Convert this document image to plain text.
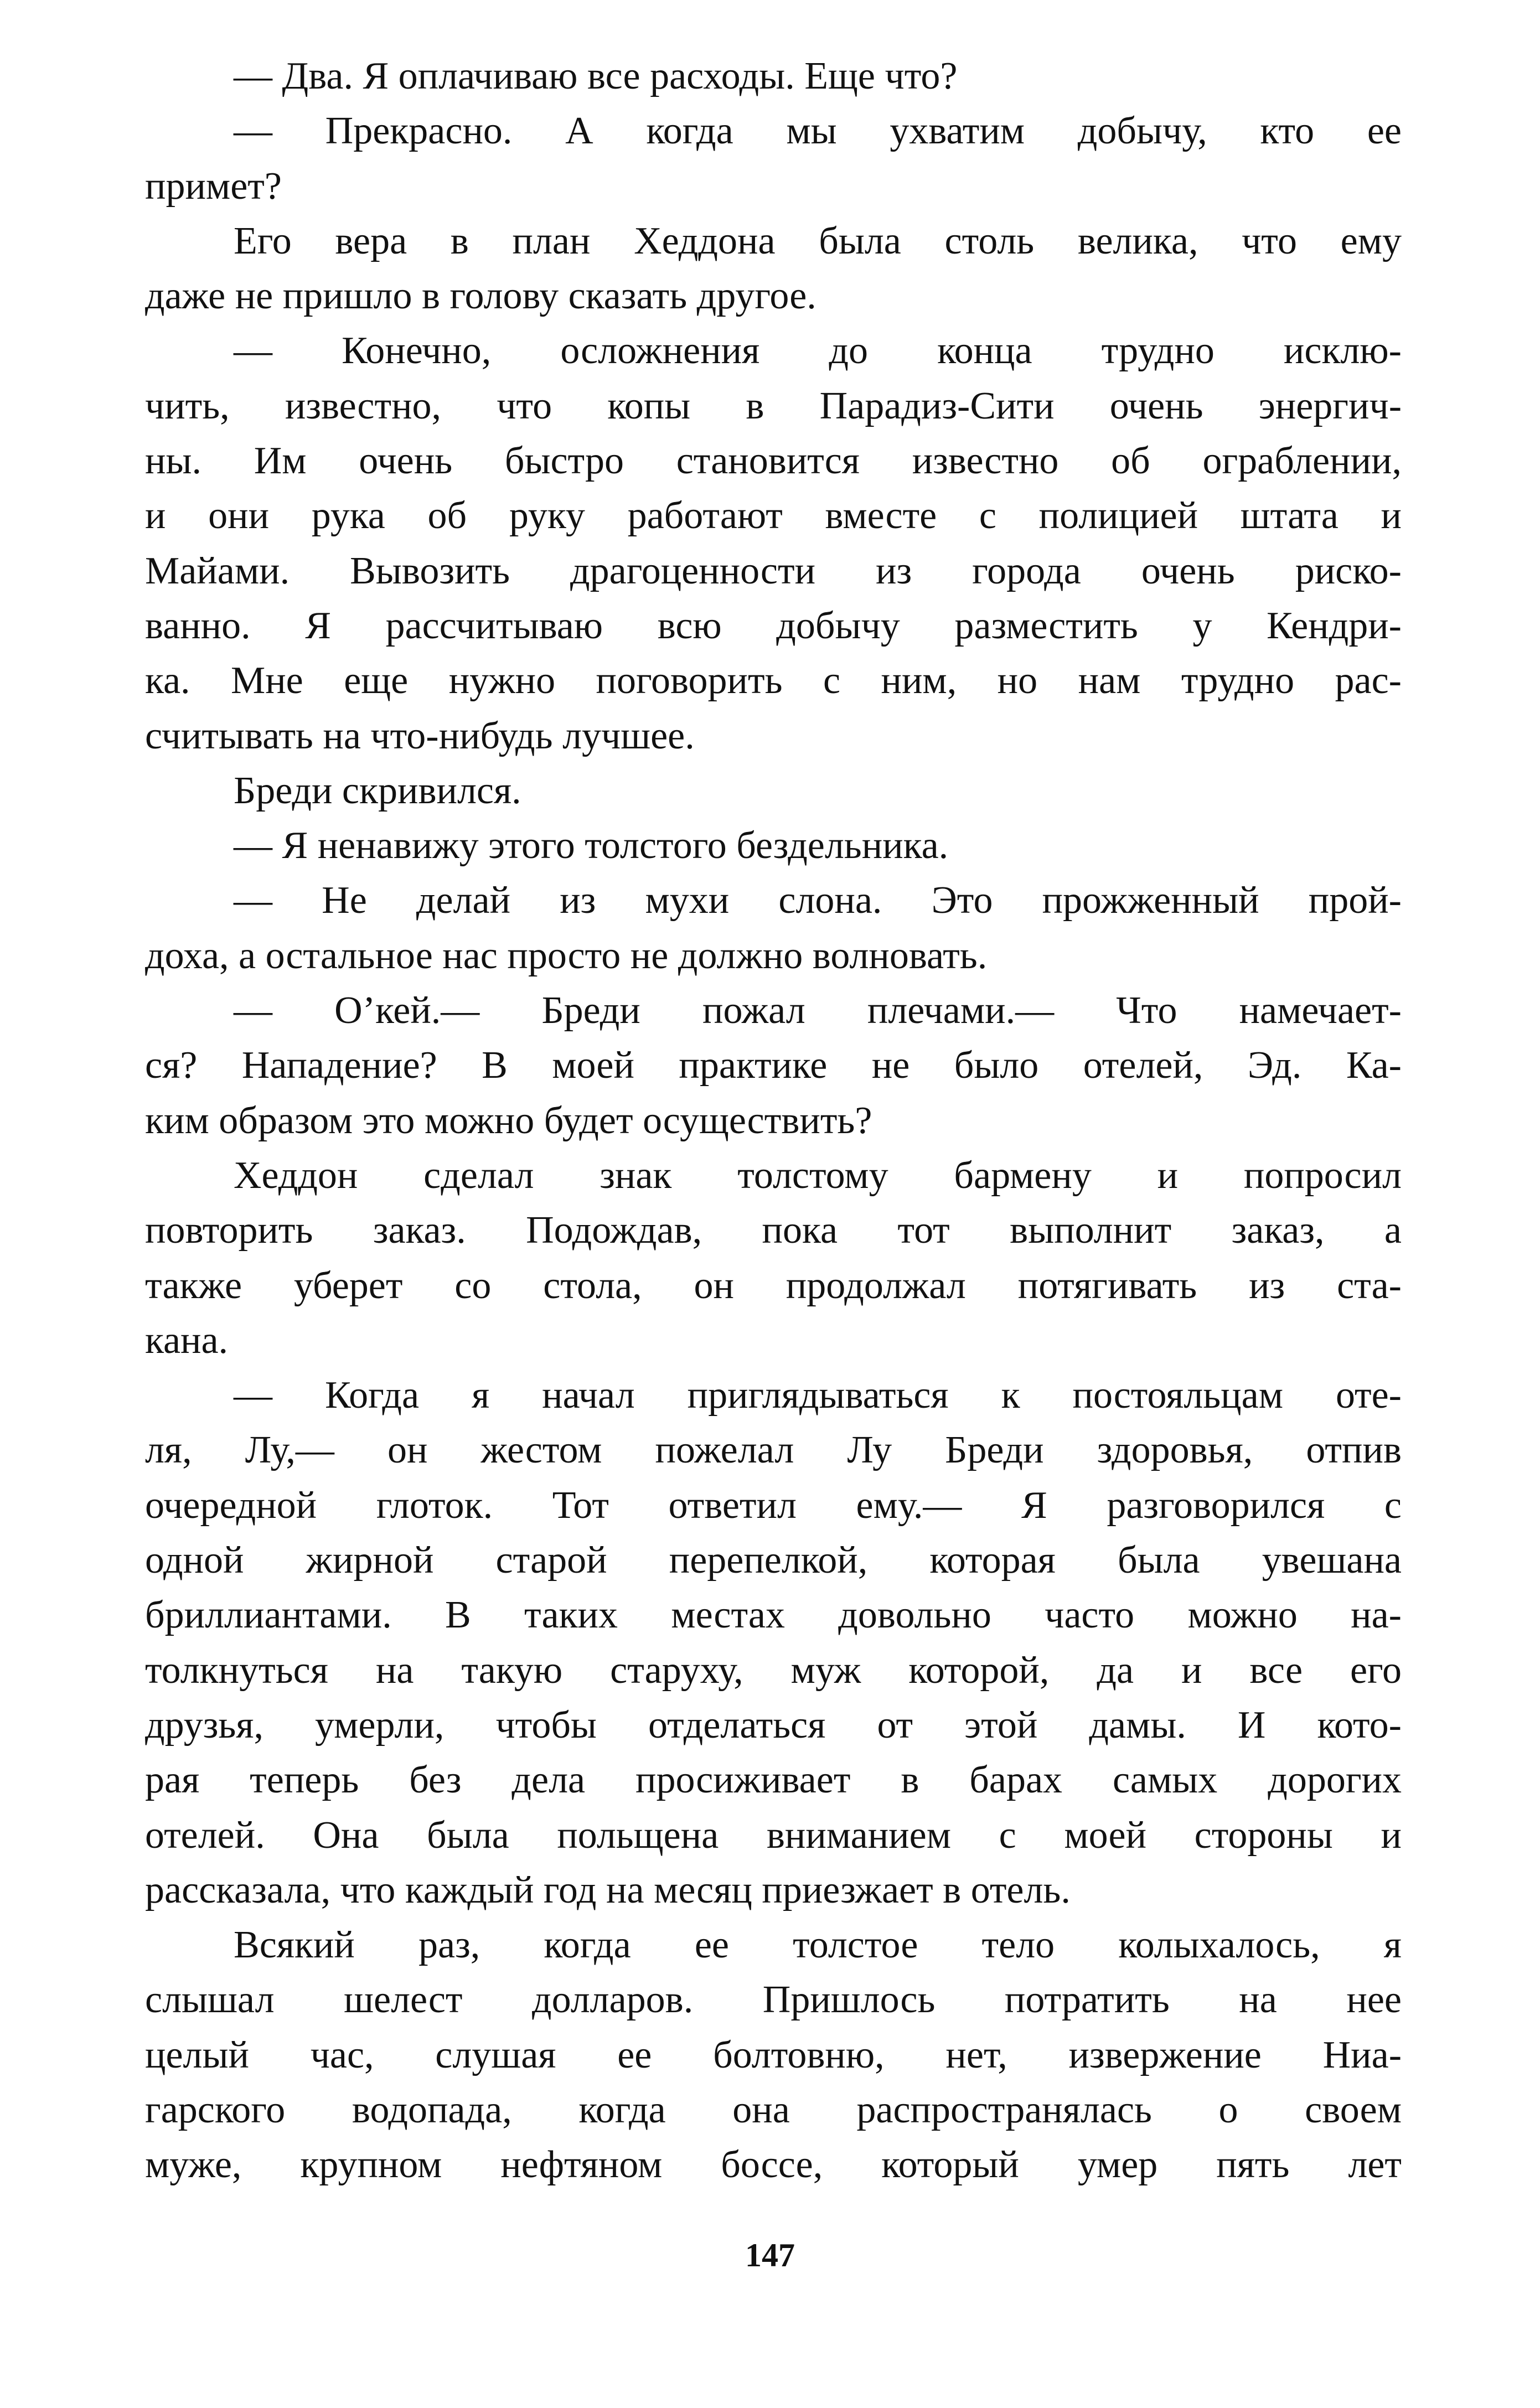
— Два. Я оплачиваю все расходы. Еще что?
— Прекрасно. А когда мы ухватим добычу, кто ее
примет?
Его вера в план Хеддона была столь велика, что ему
даже не пришло в голову сказать другое.
— Конечно, осложнения до конца трудно исклю-
чить, известно, что копы в Парадиз-Сити очень энергич-
ны. Им очень быстро становится известно об ограблении,
и они рука об руку работают вместе с полицией штата и
Майами. Вывозить драгоценности из города очень риско-
ванно. Я рассчитываю всю добычу разместить у Кендри-
ка. Мне еще нужно поговорить с ним, но нам трудно рас-
считывать на что-нибудь лучшее.
Бреди скривился.
— Я ненавижу этого толстого бездельника.
— Не делай из мухи слона. Это прожженный прой-
доха, а остальное нас просто не должно волновать.
— О’кей.— Бреди пожал плечами.— Что намечает-
ся? Нападение? В моей практике не было отелей, Эд. Ка-
ким образом это можно будет осуществить?
Хеддон сделал знак толстому бармену и попросил
повторить заказ. Подождав, пока тот выполнит заказ, а
также уберет со стола, он продолжал потягивать из ста-
кана.
— Когда я начал приглядываться к постояльцам оте-
ля, Лу,— он жестом пожелал Лу Бреди здоровья, отпив
очередной глоток. Тот ответил ему.— Я разговорился с
одной жирной старой перепелкой, которая была увешана
бриллиантами. В таких местах довольно часто можно на-
толкнуться на такую старуху, муж которой, да и все его
друзья, умерли, чтобы отделаться от этой дамы. И кото-
рая теперь без дела просиживает в барах самых дорогих
отелей. Она была польщена вниманием с моей стороны и
рассказала, что каждый год на месяц приезжает в отель.
Всякий раз, когда ее толстое тело колыхалось, я
слышал шелест долларов. Пришлось потратить на нее
целый час, слушая ее болтовню, нет, извержение Ниа-
гарского водопада, когда она распространялась о своем
муже, крупном нефтяном боссе, который умер пять лет
147
